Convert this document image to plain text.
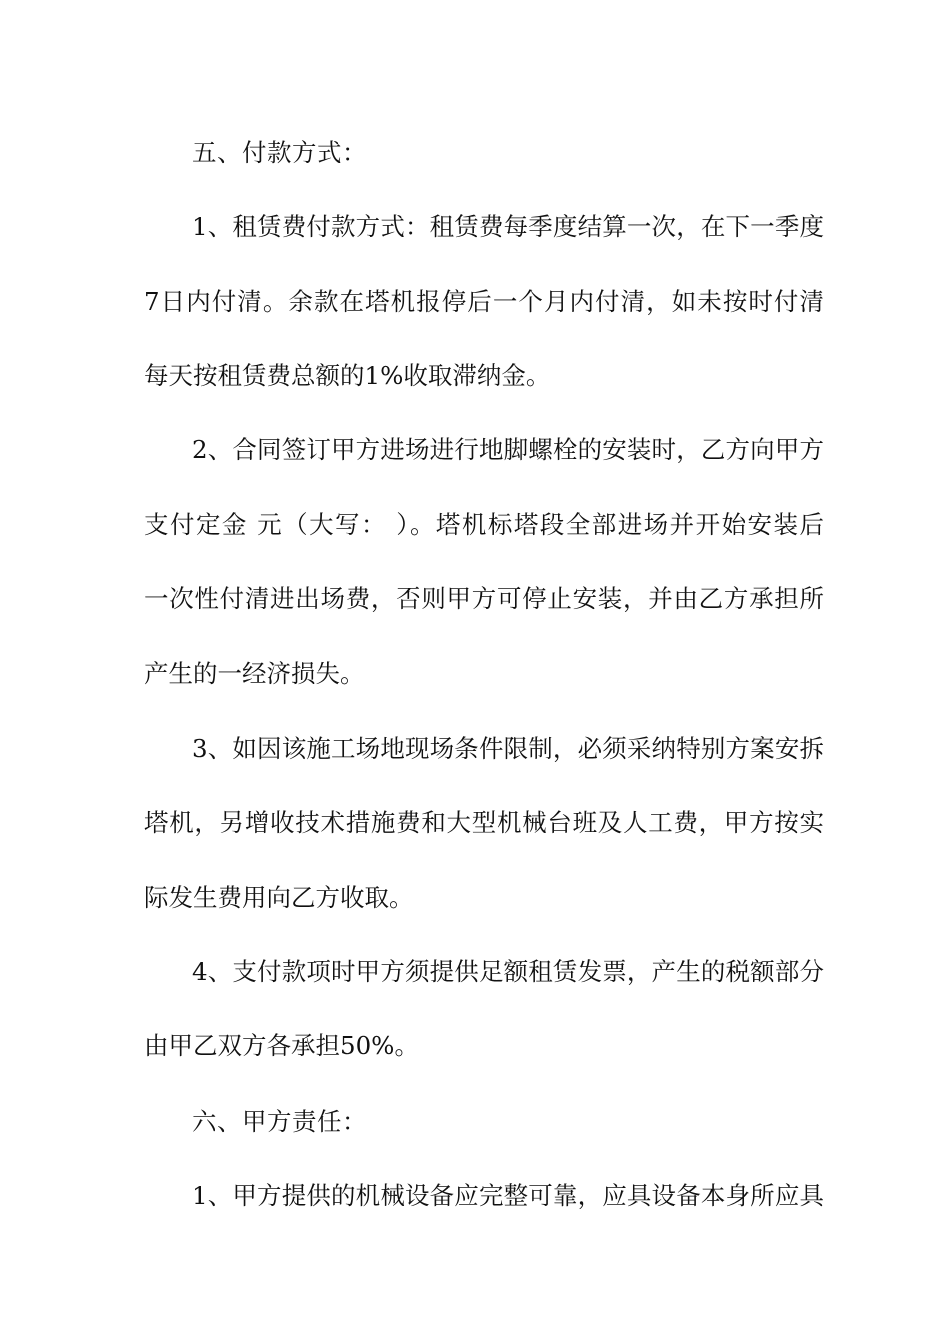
五、付款方式：
1、租赁费付款方式：租赁费每季度结算一次，在下一季度
7日内付清。余款在塔机报停后一个月内付清，如未按时付清
每天按租赁费总额的1%收取滞纳金。
2、合同签订甲方进场进行地脚螺栓的安装时，乙方向甲方
支付定金 元（大写： ）。塔机标塔段全部进场并开始安装后
一次性付清进出场费，否则甲方可停止安装，并由乙方承担所
产生的一经济损失。
3、如因该施工场地现场条件限制，必须采纳特别方案安拆
塔机，另增收技术措施费和大型机械台班及人工费，甲方按实
际发生费用向乙方收取。
4、支付款项时甲方须提供足额租赁发票，产生的税额部分
由甲乙双方各承担50%。
六、甲方责任：
1、甲方提供的机械设备应完整可靠，应具设备本身所应具
